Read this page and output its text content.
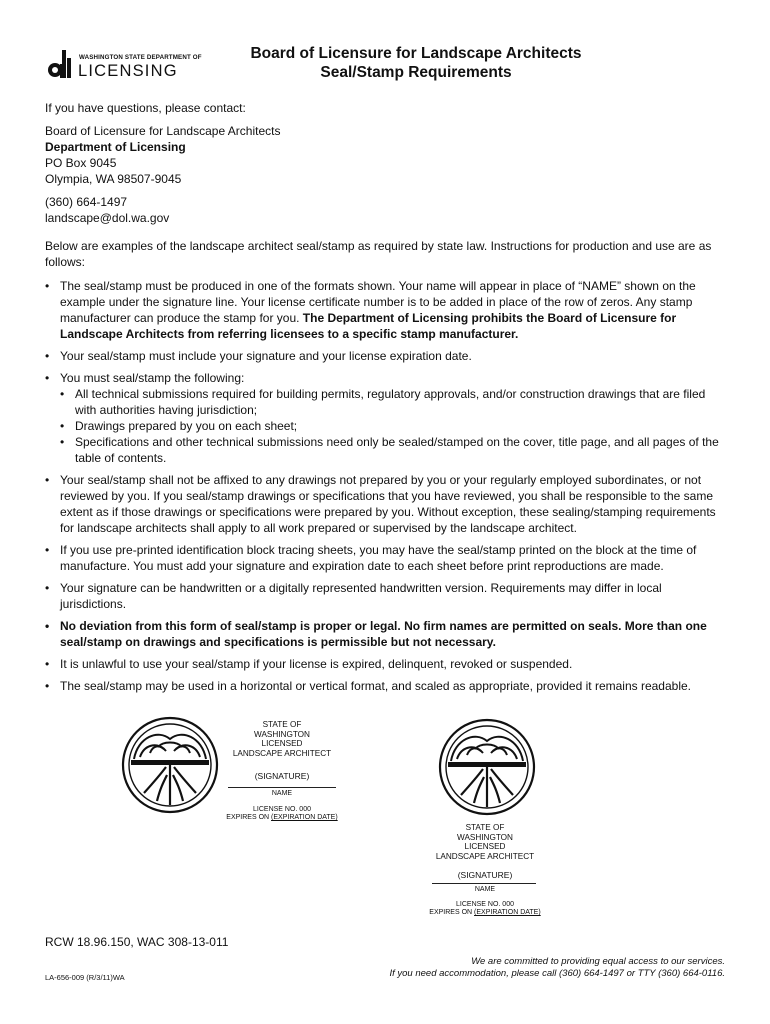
WASHINGTON STATE DEPARTMENT OF
LICENSING
Board of Licensure for Landscape Architects
Seal/Stamp Requirements
If you have questions, please contact:
Board of Licensure for Landscape Architects
Department of Licensing
PO Box 9045
Olympia, WA 98507-9045
(360) 664-1497
landscape@dol.wa.gov
Below are examples of the landscape architect seal/stamp as required by state law. Instructions for production and use are as follows:
• The seal/stamp must be produced in one of the formats shown. Your name will appear in place of “NAME” shown on the example under the signature line. Your license certificate number is to be added in place of the row of zeros. Any stamp manufacturer can produce the stamp for you. The Department of Licensing prohibits the Board of Licensure for Landscape Architects from referring licensees to a specific stamp manufacturer.
• Your seal/stamp must include your signature and your license expiration date.
• You must seal/stamp the following:
• All technical submissions required for building permits, regulatory approvals, and/or construction drawings that are filed with authorities having jurisdiction;
• Drawings prepared by you on each sheet;
• Specifications and other technical submissions need only be sealed/stamped on the cover, title page, and all pages of the table of contents.
• Your seal/stamp shall not be affixed to any drawings not prepared by you or your regularly employed subordinates, or not reviewed by you. If you seal/stamp drawings or specifications that you have reviewed, you shall be responsible to the same extent as if those drawings or specifications were prepared by you. Without exception, these sealing/stamping requirements for landscape architects shall apply to all work prepared or supervised by the landscape architect.
• If you use pre-printed identification block tracing sheets, you may have the seal/stamp printed on the block at the time of manufacture. You must add your signature and expiration date to each sheet before print reproductions are made.
• Your signature can be handwritten or a digitally represented handwritten version. Requirements may differ in local jurisdictions.
• No deviation from this form of seal/stamp is proper or legal. No firm names are permitted on seals. More than one seal/stamp on drawings and specifications is permissible but not necessary.
• It is unlawful to use your seal/stamp if your license is expired, delinquent, revoked or suspended.
• The seal/stamp may be used in a horizontal or vertical format, and scaled as appropriate, provided it remains readable.
STATE OF
WASHINGTON
LICENSED
LANDSCAPE ARCHITECT
(SIGNATURE)
NAME
LICENSE NO. 000
EXPIRES ON (EXPIRATION DATE)
STATE OF
WASHINGTON
LICENSED
LANDSCAPE ARCHITECT
(SIGNATURE)
NAME
LICENSE NO. 000
EXPIRES ON (EXPIRATION DATE)
RCW 18.96.150, WAC 308-13-011
LA-656-009 (R/3/11)WA
We are committed to providing equal access to our services.
If you need accommodation, please call (360) 664-1497 or TTY (360) 664-0116.
